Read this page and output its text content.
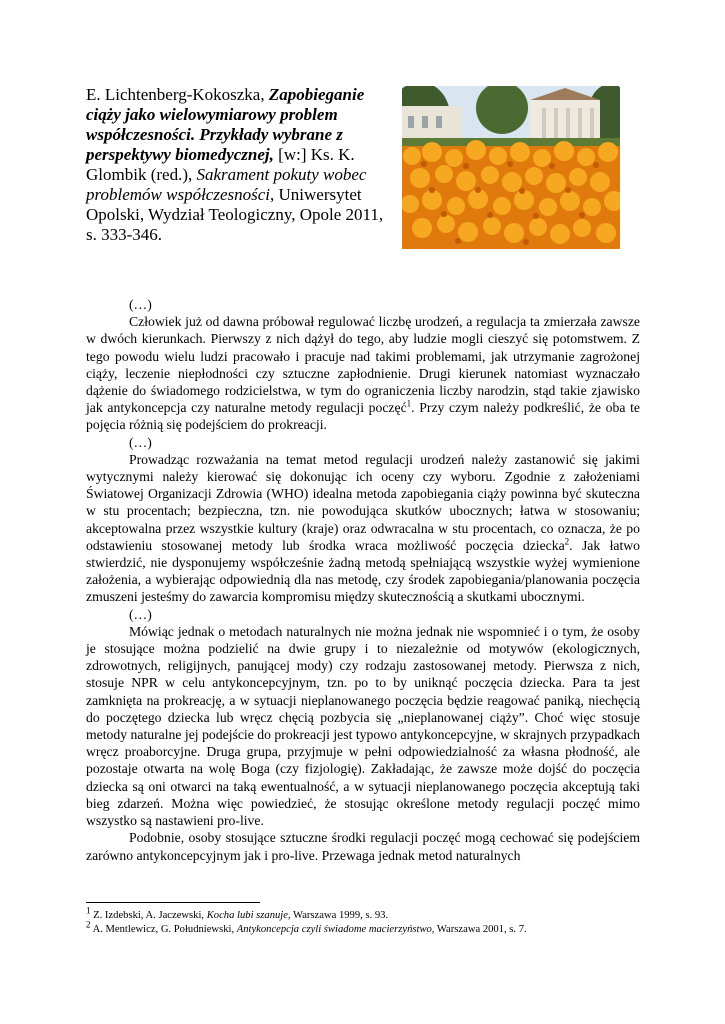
E. Lichtenberg-Kokoszka, Zapobieganie ciąży jako wielowymiarowy problem współczesności. Przykłady wybrane z perspektywy biomedycznej, [w:] Ks. K. Glombik (red.), Sakrament pokuty wobec problemów współczesności, Uniwersytet Opolski, Wydział Teologiczny, Opole 2011, s. 333-346.

(…)

Człowiek już od dawna próbował regulować liczbę urodzeń, a regulacja ta zmierzała zawsze w dwóch kierunkach. Pierwszy z nich dążył do tego, aby ludzie mogli cieszyć się potomstwem. Z tego powodu wielu ludzi pracowało i pracuje nad takimi problemami, jak utrzymanie zagrożonej ciąży, leczenie niepłodności czy sztuczne zapłodnienie. Drugi kierunek natomiast wyznaczało dążenie do świadomego rodzicielstwa, w tym do ograniczenia liczby narodzin, stąd takie zjawisko jak antykoncepcja czy naturalne metody regulacji poczęć$^1$. Przy czym należy podkreślić, że oba te pojęcia różnią się podejściem do prokreacji.

(…)

Prowadząc rozważania na temat metod regulacji urodzeń należy zastanowić się jakimi wytycznymi należy kierować się dokonując ich oceny czy wyboru. Zgodnie z założeniami Światowej Organizacji Zdrowia (WHO) idealna metoda zapobiegania ciąży powinna być skuteczna w stu procentach; bezpieczna, tzn. nie powodująca skutków ubocznych; łatwa w stosowaniu; akceptowalna przez wszystkie kultury (kraje) oraz odwracalna w stu procentach, co oznacza, że po odstawieniu stosowanej metody lub środka wraca możliwość poczęcia dziecka$^2$. Jak łatwo stwierdzić, nie dysponujemy współcześnie żadną metodą spełniającą wszystkie wyżej wymienione założenia, a wybierając odpowiednią dla nas metodę, czy środek zapobiegania/planowania poczęcia zmuszeni jesteśmy do zawarcia kompromisu między skutecznością a skutkami ubocznymi.

(…)

Mówiąc jednak o metodach naturalnych nie można jednak nie wspomnieć i o tym, że osoby je stosujące można podzielić na dwie grupy i to niezależnie od motywów (ekologicznych, zdrowotnych, religijnych, panującej mody) czy rodzaju zastosowanej metody. Pierwsza z nich, stosuje NPR w celu antykoncepcyjnym, tzn. po to by uniknąć poczęcia dziecka. Para ta jest zamknięta na prokreację, a w sytuacji nieplanowanego poczęcia będzie reagować paniką, niechęcią do poczętego dziecka lub wręcz chęcią pozbycia się „nieplanowanej ciąży”. Choć więc stosuje metody naturalne jej podejście do prokreacji jest typowo antykoncepcyjne, w skrajnych przypadkach wręcz proaborcyjne. Druga grupa, przyjmuje w pełni odpowiedzialność za własna płodność, ale pozostaje otwarta na wolę Boga (czy fizjologię). Zakładając, że zawsze może dojść do poczęcia dziecka są oni otwarci na taką ewentualność, a w sytuacji nieplanowanego poczęcia akceptują taki bieg zdarzeń. Można więc powiedzieć, że stosując określone metody regulacji poczęć mimo wszystko są nastawieni pro-live.

Podobnie, osoby stosujące sztuczne środki regulacji poczęć mogą cechować się podejściem zarówno antykoncepcyjnym jak i pro-live. Przewaga jednak metod naturalnych

$^1$ Z. Izdebski, A. Jaczewski, Kocha lubi szanuje, Warszawa 1999, s. 93.
$^2$ A. Mentlewicz, G. Południewski, Antykoncepcja czyli świadome macierzyństwo, Warszawa 2001, s. 7.
